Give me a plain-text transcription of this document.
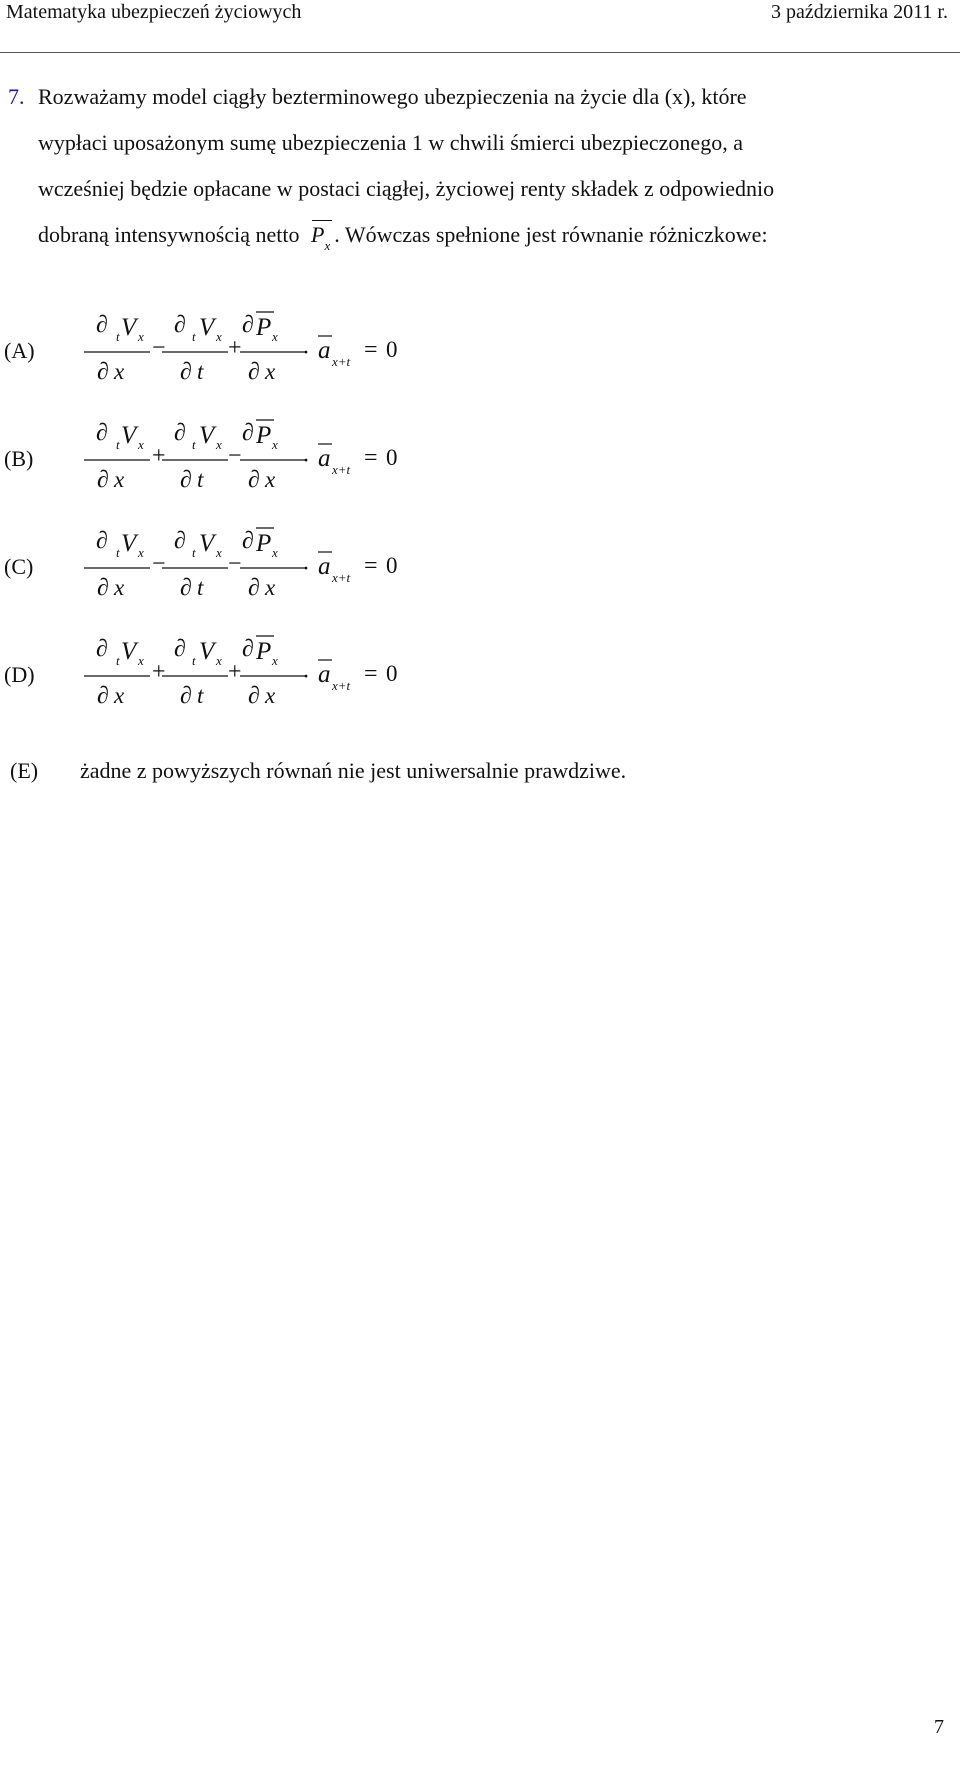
Matematyka ubezpieczeń życiowych	3 października 2011 r.
7. Rozważamy model ciągły bezterminowego ubezpieczenia na życie dla (x), które
wypłaci uposażonym sumę ubezpieczenia 1 w chwili śmierci ubezpieczonego, a
wcześniej będzie opłacane w postaci ciągłej, życiowej renty składek z odpowiednio
dobraną intensywnością netto $P_x$ . Wówczas spełnione jest równanie różniczkowe:
(A)
∂ t V x
∂ x
−
∂ t V x
∂ t
+
∂ P x
∂ x
· a x+t = 0
(B)
∂ t V x
∂ x
+
∂ t V x
∂ t
−
∂ P x
∂ x
· a x+t = 0
(C)
∂ t V x
∂ x
−
∂ t V x
∂ t
−
∂ P x
∂ x
· a x+t = 0
(D)
∂ t V x
∂ x
+
∂ t V x
∂ t
+
∂ P x
∂ x
· a x+t = 0
(E) żadne z powyższych równań nie jest uniwersalnie prawdziwe.
7
